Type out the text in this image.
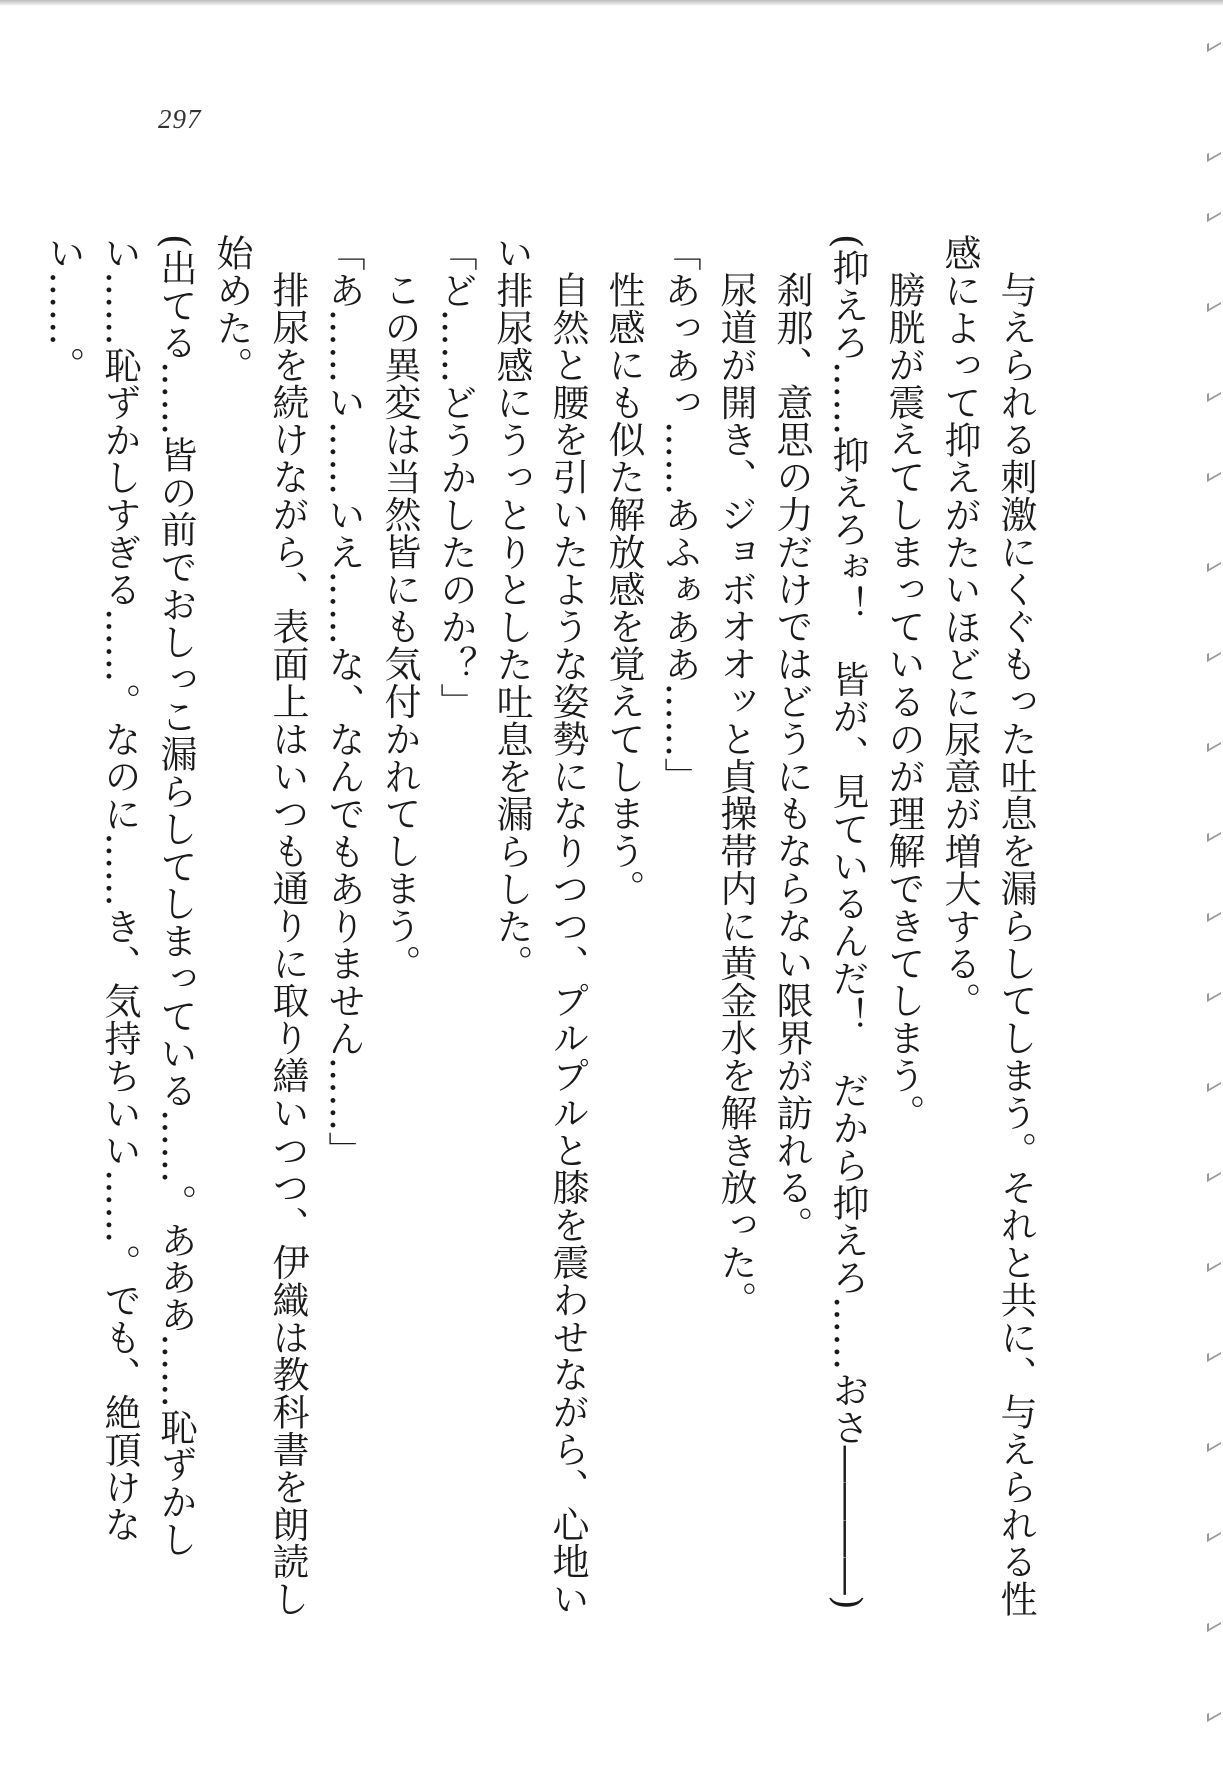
297

与えられる刺激にくぐもった吐息を漏らしてしまう。それと共に、与えられる性感によって抑えがたいほどに尿意が増大する。

膀胱が震えてしまっているのが理解できてしまう。

(抑えろ……抑えろぉ！　皆が、見ているんだ！　だから抑えろ……おさ――――)

刹那、意思の力だけではどうにもならない限界が訪れる。

尿道が開き、ジョボオオッと貞操帯内に黄金水を解き放った。

「あっあっ……あふぁああ……」

性感にも似た解放感を覚えてしまう。

自然と腰を引いたような姿勢になりつつ、プルプルと膝を震わせながら、心地いい排尿感にうっとりとした吐息を漏らした。

「ど……どうかしたのか？」

この異変は当然皆にも気付かれてしまう。

「あ……い……いえ……な、なんでもありません……」

排尿を続けながら、表面上はいつも通りに取り繕いつつ、伊織は教科書を朗読し始めた。

(出てる……皆の前でおしっこ漏らしてしまっている……。あああ……恥ずかしい……恥ずかしすぎる……。なのに……き、気持ちいい……。でも、絶頂けない……。
